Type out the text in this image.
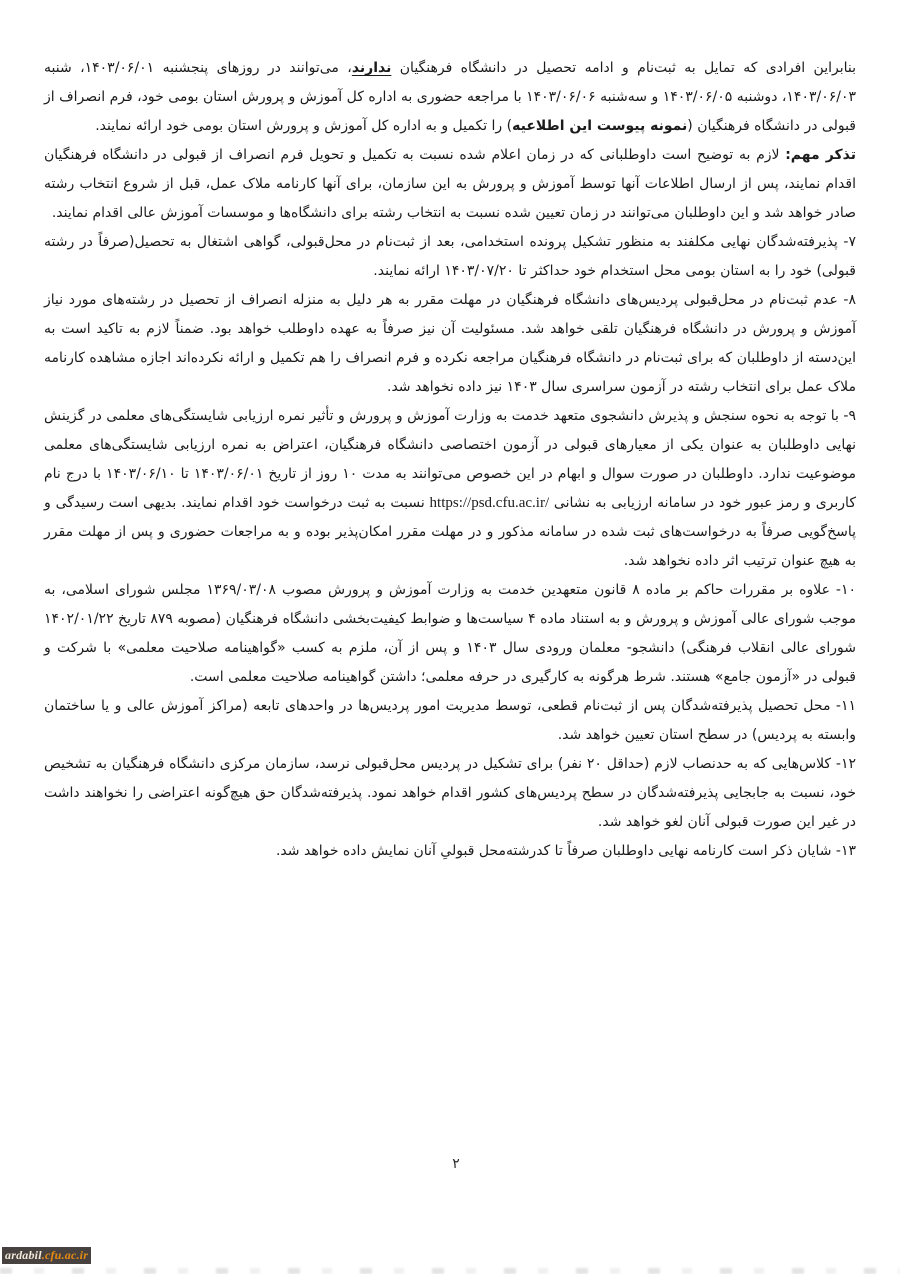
بنابراین افرادی که تمایل به ثبت‌نام و ادامه تحصیل در دانشگاه فرهنگیان ندارند، می‌توانند در روزهای پنجشنبه ۱۴۰۳/۰۶/۰۱، شنبه ۱۴۰۳/۰۶/۰۳، دوشنبه ۱۴۰۳/۰۶/۰۵ و سه‌شنبه ۱۴۰۳/۰۶/۰۶ با مراجعه حضوری به اداره کل آموزش و پرورش استان بومی خود، فرم انصراف از قبولی در دانشگاه فرهنگیان (نمونه پیوست این اطلاعیه) را تکمیل و به اداره کل آموزش و پرورش استان بومی خود ارائه نمایند.

تذکر مهم: لازم به توضیح است داوطلبانی که در زمان اعلام شده نسبت به تکمیل و تحویل فرم انصراف از قبولی در دانشگاه فرهنگیان اقدام نمایند، پس از ارسال اطلاعات آنها توسط آموزش و پرورش به این سازمان، برای آنها کارنامه ملاک عمل، قبل از شروع انتخاب رشته صادر خواهد شد و این داوطلبان می‌توانند در زمان تعیین شده نسبت به انتخاب رشته برای دانشگاه‌ها و موسسات آموزش عالی اقدام نمایند.

۷- پذیرفته‌شدگان نهایی مکلفند به منظور تشکیل پرونده استخدامی، بعد از ثبت‌نام در محل‌قبولی، گواهی اشتغال به تحصیل(صرفاً در رشته قبولی) خود را به استان بومی محل استخدام خود حداکثر تا ۱۴۰۳/۰۷/۲۰ ارائه نمایند.

۸- عدم ثبت‌نام در محل‌قبولی پردیس‌های دانشگاه فرهنگیان در مهلت مقرر به هر دلیل به منزله انصراف از تحصیل در رشته‌های مورد نیاز آموزش و پرورش در دانشگاه فرهنگیان تلقی خواهد شد. مسئولیت آن نیز صرفاً به عهده داوطلب خواهد بود. ضمناً لازم به تاکید است به این‌دسته از داوطلبان که برای ثبت‌نام در دانشگاه فرهنگیان مراجعه نکرده و فرم انصراف را هم تکمیل و ارائه نکرده‌اند اجازه مشاهده کارنامه ملاک عمل برای انتخاب رشته در آزمون سراسری سال ۱۴۰۳ نیز داده نخواهد شد.

۹- با توجه به نحوه سنجش و پذیرش دانشجوی متعهد خدمت به وزارت آموزش و پرورش و تأثیر نمره ارزیابی شایستگی‌های معلمی در گزینش نهایی داوطلبان به عنوان یکی از معیارهای قبولی در آزمون اختصاصی دانشگاه فرهنگیان، اعتراض به نمره ارزیابی شایستگی‌های معلمی موضوعیت ندارد. داوطلبان در صورت سوال و ابهام در این خصوص می‌توانند به مدت ۱۰ روز از تاریخ ۱۴۰۳/۰۶/۰۱ تا ۱۴۰۳/۰۶/۱۰ با درج نام کاربری و رمز عبور خود در سامانه ارزیابی به نشانی https://psd.cfu.ac.ir/ نسبت به ثبت درخواست خود اقدام نمایند. بدیهی است رسیدگی و پاسخ‌گویی صرفاً به درخواست‌های ثبت شده در سامانه مذکور و در مهلت مقرر امکان‌پذیر بوده و به مراجعات حضوری و پس از مهلت مقرر به هیچ عنوان ترتیب اثر داده نخواهد شد.

۱۰- علاوه بر مقررات حاکم بر ماده ۸ قانون متعهدین خدمت به وزارت آموزش و پرورش مصوب ۱۳۶۹/۰۳/۰۸ مجلس شورای اسلامی، به موجب شورای عالی آموزش و پرورش و به استناد ماده ۴ سیاست‌ها و ضوابط کیفیت‌بخشی دانشگاه فرهنگیان (مصوبه ۸۷۹ تاریخ ۱۴۰۲/۰۱/۲۲ شورای عالی انقلاب فرهنگی) دانشجو- معلمان ورودی سال ۱۴۰۳ و پس از آن، ملزم به کسب «گواهینامه صلاحیت معلمی» با شرکت و قبولی در «آزمون جامع» هستند. شرط هرگونه به کارگیری در حرفه معلمی؛ داشتن گواهینامه صلاحیت معلمی است.

۱۱- محل تحصیل پذیرفته‌شدگان پس از ثبت‌نام قطعی، توسط مدیریت امور پردیس‌ها در واحدهای تابعه (مراکز آموزش عالی و یا ساختمان وابسته به پردیس) در سطح استان تعیین خواهد شد.

۱۲- کلاس‌هایی که به حدنصاب لازم (حداقل ۲۰ نفر) برای تشکیل در پردیس محل‌قبولی نرسد، سازمان مرکزی دانشگاه فرهنگیان به تشخیص خود، نسبت به جابجایی پذیرفته‌شدگان در سطح پردیس‌های کشور اقدام خواهد نمود. پذیرفته‌شدگان حق هیچ‌گونه اعتراضی را نخواهند داشت در غیر این صورت قبولی آنان لغو خواهد شد.

۱۳- شایان ذکر است کارنامه نهایی داوطلبان صرفاً تا کدرشته‌محل قبولیِ آنان نمایش داده خواهد شد.

۲
ardabil.cfu.ac.ir
